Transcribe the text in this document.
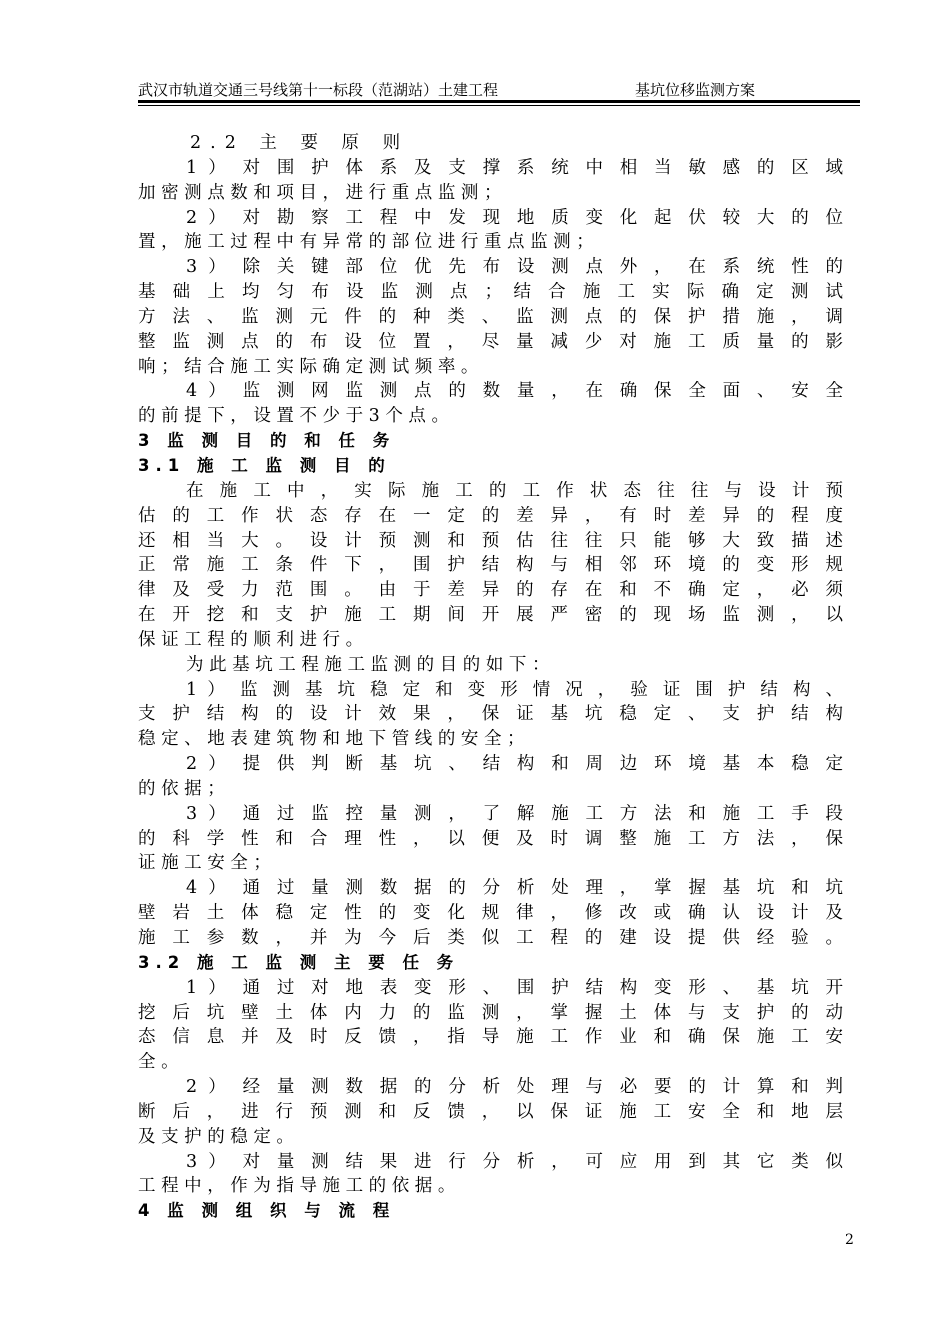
武汉市轨道交通三号线第十一标段（范湖站）土建工程	基坑位移监测方案
2.2 主 要 原 则
1 ） 对 围 护 体 系 及 支 撑 系 统 中 相 当 敏 感 的 区 域
加 密 测 点 数 和 项 目 ， 进 行 重 点 监 测 ；
2 ） 对 勘 察 工 程 中 发 现 地 质 变 化 起 伏 较 大 的 位
置 ， 施 工 过 程 中 有 异 常 的 部 位 进 行 重 点 监 测 ；
3 ） 除 关 键 部 位 优 先 布 设 测 点 外 ， 在 系 统 性 的
基 础 上 均 匀 布 设 监 测 点 ； 结 合 施 工 实 际 确 定 测 试
方 法 、 监 测 元 件 的 种 类 、 监 测 点 的 保 护 措 施 ， 调
整 监 测 点 的 布 设 位 置 ， 尽 量 减 少 对 施 工 质 量 的 影
响 ； 结 合 施 工 实 际 确 定 测 试 频 率 。
4 ） 监 测 网 监 测 点 的 数 量 ， 在 确 保 全 面 、 安 全
的 前 提 下 ， 设 置 不 少 于 3 个 点 。
3 监 测 目 的 和 任 务
3.1 施 工 监 测 目 的
在 施 工 中 ， 实 际 施 工 的 工 作 状 态 往 往 与 设 计 预
估 的 工 作 状 态 存 在 一 定 的 差 异 ， 有 时 差 异 的 程 度
还 相 当 大 。 设 计 预 测 和 预 估 往 往 只 能 够 大 致 描 述
正 常 施 工 条 件 下 ， 围 护 结 构 与 相 邻 环 境 的 变 形 规
律 及 受 力 范 围 。 由 于 差 异 的 存 在 和 不 确 定 ， 必 须
在 开 挖 和 支 护 施 工 期 间 开 展 严 密 的 现 场 监 测 ， 以
保 证 工 程 的 顺 利 进 行 。
为 此 基 坑 工 程 施 工 监 测 的 目 的 如 下 ：
1 ） 监 测 基 坑 稳 定 和 变 形 情 况 ， 验 证 围 护 结 构 、
支 护 结 构 的 设 计 效 果 ， 保 证 基 坑 稳 定 、 支 护 结 构
稳 定 、 地 表 建 筑 物 和 地 下 管 线 的 安 全 ；
2 ） 提 供 判 断 基 坑 、 结 构 和 周 边 环 境 基 本 稳 定
的 依 据 ；
3 ） 通 过 监 控 量 测 ， 了 解 施 工 方 法 和 施 工 手 段
的 科 学 性 和 合 理 性 ， 以 便 及 时 调 整 施 工 方 法 ， 保
证 施 工 安 全 ；
4 ） 通 过 量 测 数 据 的 分 析 处 理 ， 掌 握 基 坑 和 坑
壁 岩 土 体 稳 定 性 的 变 化 规 律 ， 修 改 或 确 认 设 计 及
施 工 参 数 ， 并 为 今 后 类 似 工 程 的 建 设 提 供 经 验 。
3.2 施 工 监 测 主 要 任 务
1 ） 通 过 对 地 表 变 形 、 围 护 结 构 变 形 、 基 坑 开
挖 后 坑 壁 土 体 内 力 的 监 测 ， 掌 握 土 体 与 支 护 的 动
态 信 息 并 及 时 反 馈 ， 指 导 施 工 作 业 和 确 保 施 工 安
全 。
2 ） 经 量 测 数 据 的 分 析 处 理 与 必 要 的 计 算 和 判
断 后 ， 进 行 预 测 和 反 馈 ， 以 保 证 施 工 安 全 和 地 层
及 支 护 的 稳 定 。
3 ） 对 量 测 结 果 进 行 分 析 ， 可 应 用 到 其 它 类 似
工 程 中 ， 作 为 指 导 施 工 的 依 据 。
4 监 测 组 织 与 流 程
2
